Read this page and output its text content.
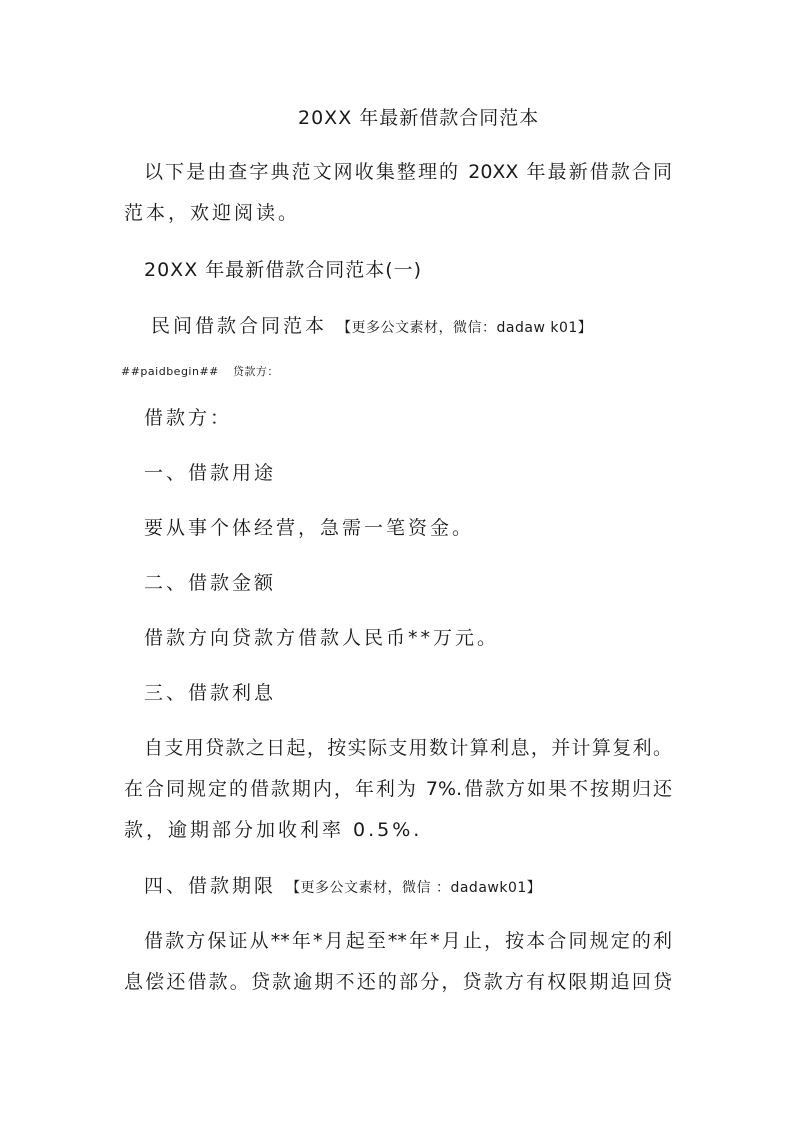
20XX 年最新借款合同范本
以下是由查字典范文网收集整理的 20XX 年最新借款合同
范本，欢迎阅读。
20XX 年最新借款合同范本(一)
民间借款合同范本 【更多公文素材，微信：dadaw k01】
##paidbegin## 贷款方：
借款方：
一、借款用途
要从事个体经营，急需一笔资金。
二、借款金额
借款方向贷款方借款人民币**万元。
三、借款利息
自支用贷款之日起，按实际支用数计算利息，并计算复利。
在合同规定的借款期内，年利为 7%.借款方如果不按期归还
款，逾期部分加收利率 0.5%.
四、借款期限 【更多公文素材，微信 ：dadawk01】
借款方保证从**年*月起至**年*月止，按本合同规定的利
息偿还借款。贷款逾期不还的部分，贷款方有权限期追回贷
